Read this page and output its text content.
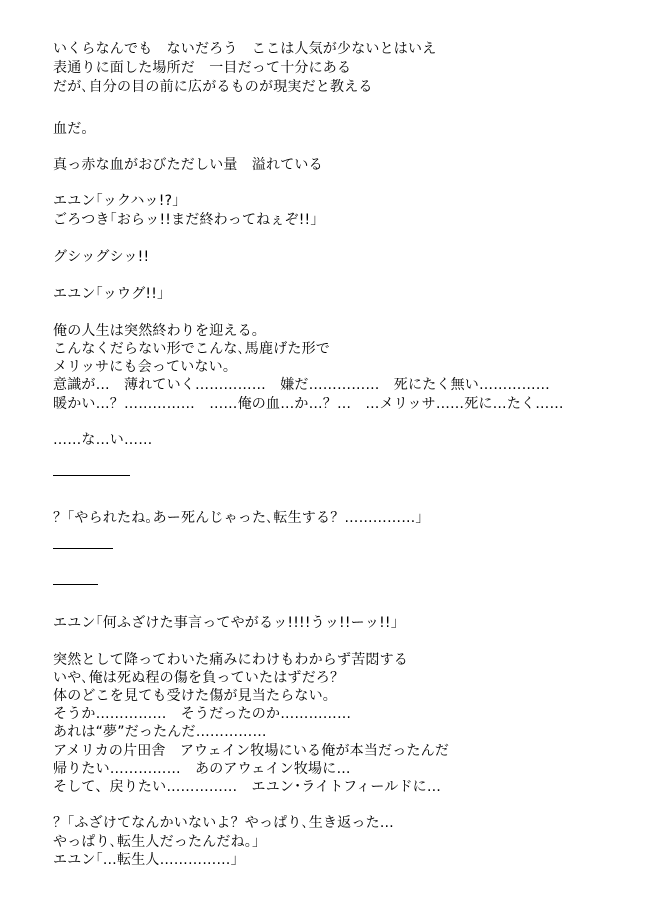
いくらなんでも　ないだろう　ここは人気が少ないとはいえ
表通りに面した場所だ　一目だって十分にある
だが､自分の目の前に広がるものが現実だと教える
血だ。
真っ赤な血がおびただしい量　溢れている
エユン｢ックハッ!?｣
ごろつき｢おらッ!!まだ終わってねぇぞ!!｣
グシッグシッ!!
エユン｢ッウグ!!｣
俺の人生は突然終わりを迎える。
こんなくだらない形でこんな､馬鹿げた形で
メリッサにも会っていない。
意識が…　薄れていく……………　嫌だ……………　死にたく無い……………
暖かい…？……………　……俺の血…か…？…　…メリッサ……死に…たく……
……な…い……
？｢やられたね｡あー死んじゃった､転生する？……………｣
エユン｢何ふざけた事言ってやがるッ!!!!うッ!!ーッ!!｣
突然として降ってわいた痛みにわけもわからず苦悶する
いや､俺は死ぬ程の傷を負っていたはずだろ？
体のどこを見ても受けた傷が見当たらない。
そうか……………　そうだったのか……………
あれは“夢”だったんだ……………
アメリカの片田舎　アウェイン牧場にいる俺が本当だったんだ
帰りたい……………　あのアウェイン牧場に…
そして、戻りたい……………　エユン･ライトフィールドに…
？｢ふざけてなんかいないよ？やっぱり､生き返った…
やっぱり､転生人だったんだね。｣
エユン｢…転生人……………｣
